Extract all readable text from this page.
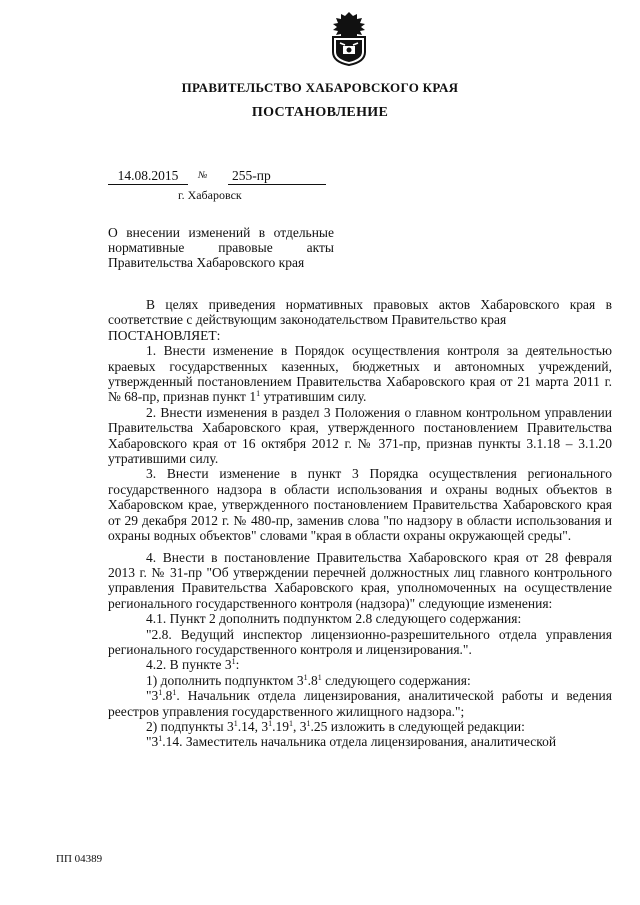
ПРАВИТЕЛЬСТВО ХАБАРОВСКОГО КРАЯ
ПОСТАНОВЛЕНИЕ
14.08.2015	№ 255-пр
г. Хабаровск
О внесении изменений в отдельные нормативные правовые акты Правительства Хабаровского края

В целях приведения нормативных правовых актов Хабаровского края в соответствие с действующим законодательством Правительство края

ПОСТАНОВЛЯЕТ:

1. Внести изменение в Порядок осуществления контроля за деятельностью краевых государственных казенных, бюджетных и автономных учреждений, утвержденный постановлением Правительства Хабаровского края от 21 марта 2011 г. № 68-пр, признав пункт $1^1$ утратившим силу.

2. Внести изменения в раздел 3 Положения о главном контрольном управлении Правительства Хабаровского края, утвержденного постановлением Правительства Хабаровского края от 16 октября 2012 г. № 371-пр, признав пункты 3.1.18 – 3.1.20 утратившими силу.

3. Внести изменение в пункт 3 Порядка осуществления регионального государственного надзора в области использования и охраны водных объектов в Хабаровском крае, утвержденного постановлением Правительства Хабаровского края от 29 декабря 2012 г. № 480-пр, заменив слова "по надзору в области использования и охраны водных объектов" словами "края в области охраны окружающей среды".

4. Внести в постановление Правительства Хабаровского края от 28 февраля 2013 г. № 31-пр "Об утверждении перечней должностных лиц главного контрольного управления Правительства Хабаровского края, уполномоченных на осуществление регионального государственного контроля (надзора)" следующие изменения:

4.1. Пункт 2 дополнить подпунктом 2.8 следующего содержания:

"2.8. Ведущий инспектор лицензионно-разрешительного отдела управления регионального государственного контроля и лицензирования.".

4.2. В пункте $3^1$:

1) дополнить подпунктом $3^1.8^1$ следующего содержания:

"$3^1.8^1$. Начальник отдела лицензирования, аналитической работы и ведения реестров управления государственного жилищного надзора.";

2) подпункты $3^1.14$, $3^1.19^1$, $3^1.25$ изложить в следующей редакции:

"$3^1.14$. Заместитель начальника отдела лицензирования, аналитической

ПП 04389
